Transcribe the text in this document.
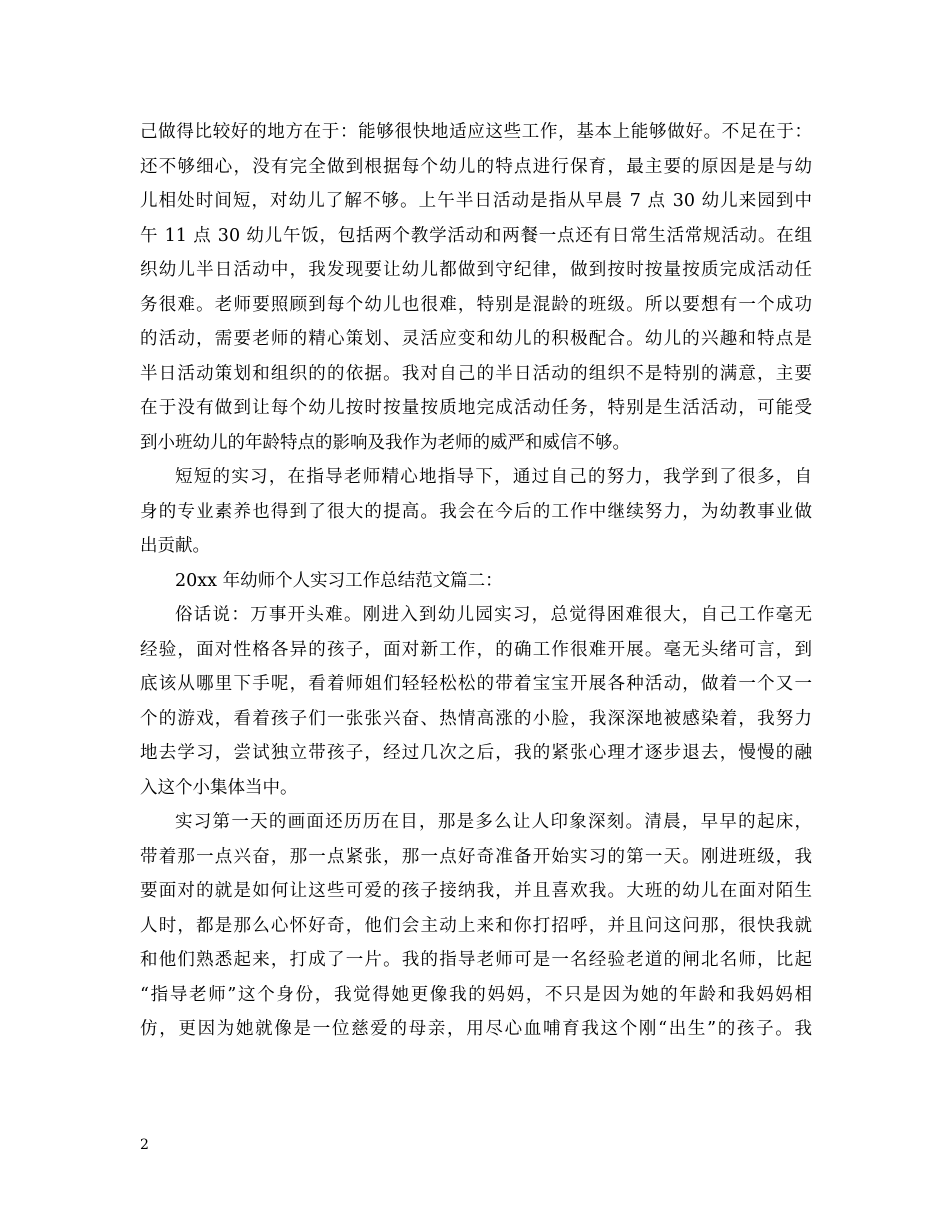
己做得比较好的地方在于：能够很快地适应这些工作，基本上能够做好。不足在于：
还不够细心，没有完全做到根据每个幼儿的特点进行保育，最主要的原因是是与幼
儿相处时间短，对幼儿了解不够。上午半日活动是指从早晨 7 点 30 幼儿来园到中
午 11 点 30 幼儿午饭，包括两个教学活动和两餐一点还有日常生活常规活动。在组
织幼儿半日活动中，我发现要让幼儿都做到守纪律，做到按时按量按质完成活动任
务很难。老师要照顾到每个幼儿也很难，特别是混龄的班级。所以要想有一个成功
的活动，需要老师的精心策划、灵活应变和幼儿的积极配合。幼儿的兴趣和特点是
半日活动策划和组织的的依据。我对自己的半日活动的组织不是特别的满意，主要
在于没有做到让每个幼儿按时按量按质地完成活动任务，特别是生活活动，可能受
到小班幼儿的年龄特点的影响及我作为老师的威严和威信不够。
短短的实习，在指导老师精心地指导下，通过自己的努力，我学到了很多，自
身的专业素养也得到了很大的提高。我会在今后的工作中继续努力，为幼教事业做
出贡献。
20xx 年幼师个人实习工作总结范文篇二：
俗话说：万事开头难。刚进入到幼儿园实习，总觉得困难很大，自己工作毫无
经验，面对性格各异的孩子，面对新工作，的确工作很难开展。毫无头绪可言，到
底该从哪里下手呢，看着师姐们轻轻松松的带着宝宝开展各种活动，做着一个又一
个的游戏，看着孩子们一张张兴奋、热情高涨的小脸，我深深地被感染着，我努力
地去学习，尝试独立带孩子，经过几次之后，我的紧张心理才逐步退去，慢慢的融
入这个小集体当中。
实习第一天的画面还历历在目，那是多么让人印象深刻。清晨，早早的起床，
带着那一点兴奋，那一点紧张，那一点好奇准备开始实习的第一天。刚进班级，我
要面对的就是如何让这些可爱的孩子接纳我，并且喜欢我。大班的幼儿在面对陌生
人时，都是那么心怀好奇，他们会主动上来和你打招呼，并且问这问那，很快我就
和他们熟悉起来，打成了一片。我的指导老师可是一名经验老道的闸北名师，比起
“指导老师”这个身份，我觉得她更像我的妈妈，不只是因为她的年龄和我妈妈相
仿，更因为她就像是一位慈爱的母亲，用尽心血哺育我这个刚“出生”的孩子。我
2
